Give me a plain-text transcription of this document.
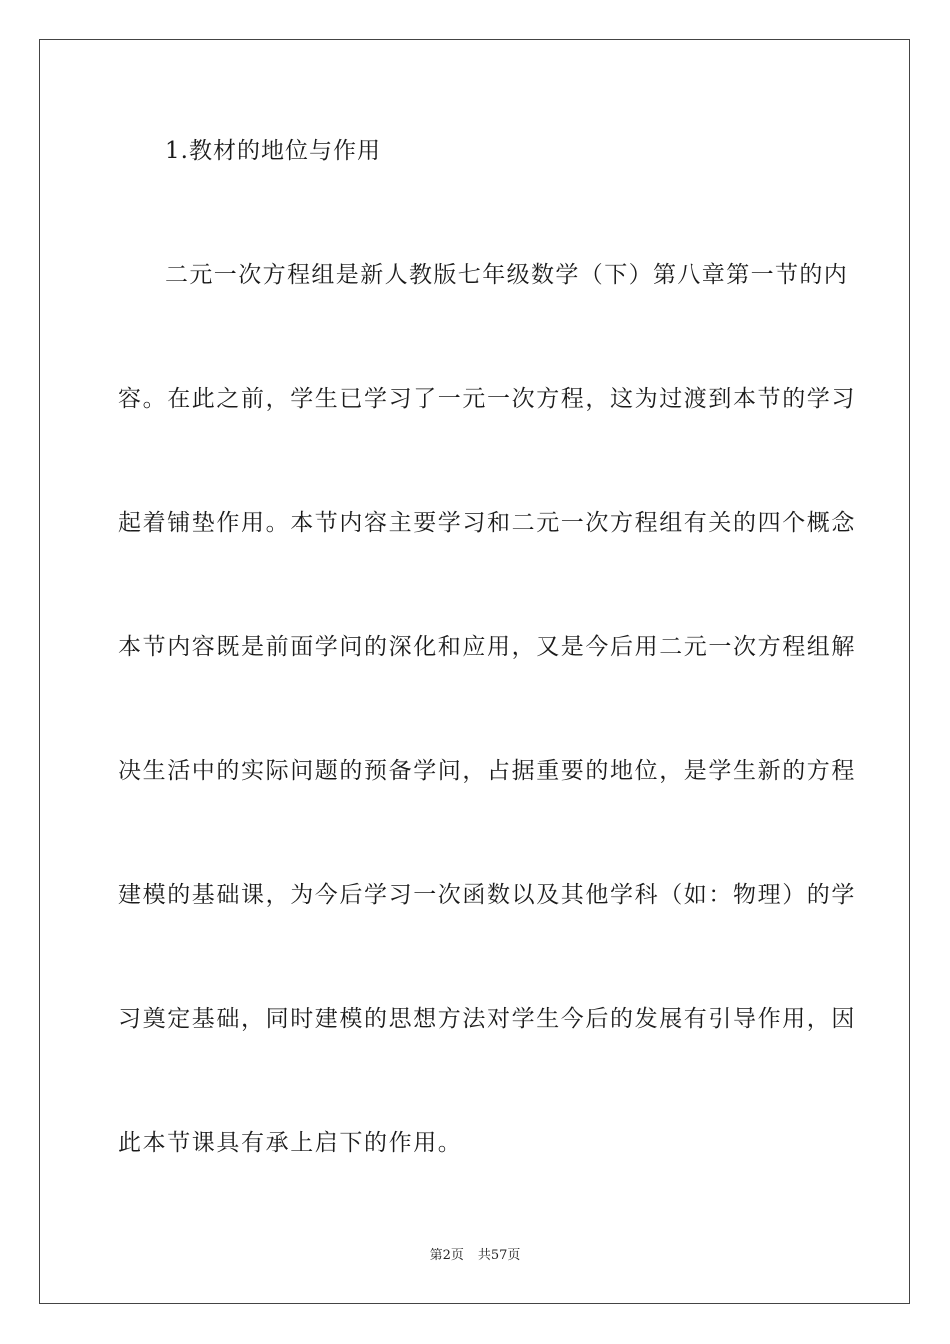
1.教材的地位与作用
二元一次方程组是新人教版七年级数学（下）第八章第一节的内
容。在此之前，学生已学习了一元一次方程，这为过渡到本节的学习
起着铺垫作用。本节内容主要学习和二元一次方程组有关的四个概念
本节内容既是前面学问的深化和应用，又是今后用二元一次方程组解
决生活中的实际问题的预备学问，占据重要的地位，是学生新的方程
建模的基础课，为今后学习一次函数以及其他学科（如：物理）的学
习奠定基础，同时建模的思想方法对学生今后的发展有引导作用，因
此本节课具有承上启下的作用。
第2页 共57页
